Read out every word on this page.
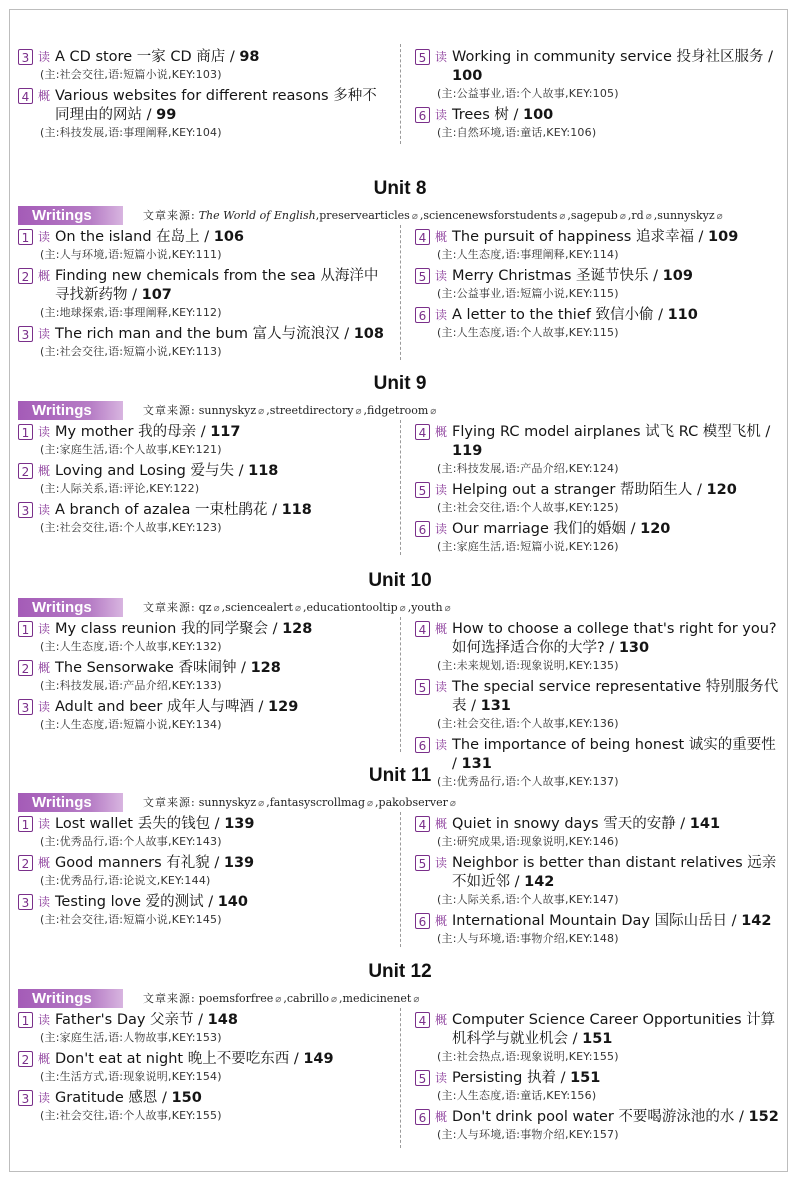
3 读 A CD store 一家 CD 商店 / 98
(主:社会交往,语:短篇小说,KEY:103)
4 概 Various websites for different reasons 多种不同理由的网站 / 99
(主:科技发展,语:事理阐释,KEY:104)
5 读 Working in community service 投身社区服务 / 100
(主:公益事业,语:个人故事,KEY:105)
6 读 Trees 树 / 100
(主:自然环境,语:童话,KEY:106)
Unit 8
Writings	文章来源: The World of English,preservearticles ⌀ ,sciencenewsforstudents ⌀ ,sagepub ⌀ ,rd ⌀ ,sunnyskyz ⌀
1 读 On the island 在岛上 / 106
(主:人与环境,语:短篇小说,KEY:111)
2 概 Finding new chemicals from the sea 从海洋中寻找新药物 / 107
(主:地球探索,语:事理阐释,KEY:112)
3 读 The rich man and the bum 富人与流浪汉 / 108
(主:社会交往,语:短篇小说,KEY:113)
4 概 The pursuit of happiness 追求幸福 / 109
(主:人生态度,语:事理阐释,KEY:114)
5 读 Merry Christmas 圣诞节快乐 / 109
(主:公益事业,语:短篇小说,KEY:115)
6 读 A letter to the thief 致信小偷 / 110
(主:人生态度,语:个人故事,KEY:115)
Unit 9
Writings	文章来源: sunnyskyz ⌀ ,streetdirectory ⌀ ,fidgetroom ⌀
1 读 My mother 我的母亲 / 117
(主:家庭生活,语:个人故事,KEY:121)
2 概 Loving and Losing 爱与失 / 118
(主:人际关系,语:评论,KEY:122)
3 读 A branch of azalea 一束杜鹃花 / 118
(主:社会交往,语:个人故事,KEY:123)
4 概 Flying RC model airplanes 试飞 RC 模型飞机 / 119
(主:科技发展,语:产品介绍,KEY:124)
5 读 Helping out a stranger 帮助陌生人 / 120
(主:社会交往,语:个人故事,KEY:125)
6 读 Our marriage 我们的婚姻 / 120
(主:家庭生活,语:短篇小说,KEY:126)
Unit 10
Writings	文章来源: qz ⌀ ,sciencealert ⌀ ,educationtooltip ⌀ ,youth ⌀
1 读 My class reunion 我的同学聚会 / 128
(主:人生态度,语:个人故事,KEY:132)
2 概 The Sensorwake 香味闹钟 / 128
(主:科技发展,语:产品介绍,KEY:133)
3 读 Adult and beer 成年人与啤酒 / 129
(主:人生态度,语:短篇小说,KEY:134)
4 概 How to choose a college that's right for you? 如何选择适合你的大学? / 130
(主:未来规划,语:现象说明,KEY:135)
5 读 The special service representative 特别服务代表 / 131
(主:社会交往,语:个人故事,KEY:136)
6 读 The importance of being honest 诚实的重要性 / 131
(主:优秀品行,语:个人故事,KEY:137)
Unit 11
Writings	文章来源: sunnyskyz ⌀ ,fantasyscrollmag ⌀ ,pakobserver ⌀
1 读 Lost wallet 丢失的钱包 / 139
(主:优秀品行,语:个人故事,KEY:143)
2 概 Good manners 有礼貌 / 139
(主:优秀品行,语:论说文,KEY:144)
3 读 Testing love 爱的测试 / 140
(主:社会交往,语:短篇小说,KEY:145)
4 概 Quiet in snowy days 雪天的安静 / 141
(主:研究成果,语:现象说明,KEY:146)
5 读 Neighbor is better than distant relatives 远亲不如近邻 / 142
(主:人际关系,语:个人故事,KEY:147)
6 概 International Mountain Day 国际山岳日 / 142
(主:人与环境,语:事物介绍,KEY:148)
Unit 12
Writings	文章来源: poemsforfree ⌀ ,cabrillo ⌀ ,medicinenet ⌀
1 读 Father's Day 父亲节 / 148
(主:家庭生活,语:人物故事,KEY:153)
2 概 Don't eat at night 晚上不要吃东西 / 149
(主:生活方式,语:现象说明,KEY:154)
3 读 Gratitude 感恩 / 150
(主:社会交往,语:个人故事,KEY:155)
4 概 Computer Science Career Opportunities 计算机科学与就业机会 / 151
(主:社会热点,语:现象说明,KEY:155)
5 读 Persisting 执着 / 151
(主:人生态度,语:童话,KEY:156)
6 概 Don't drink pool water 不要喝游泳池的水 / 152
(主:人与环境,语:事物介绍,KEY:157)
